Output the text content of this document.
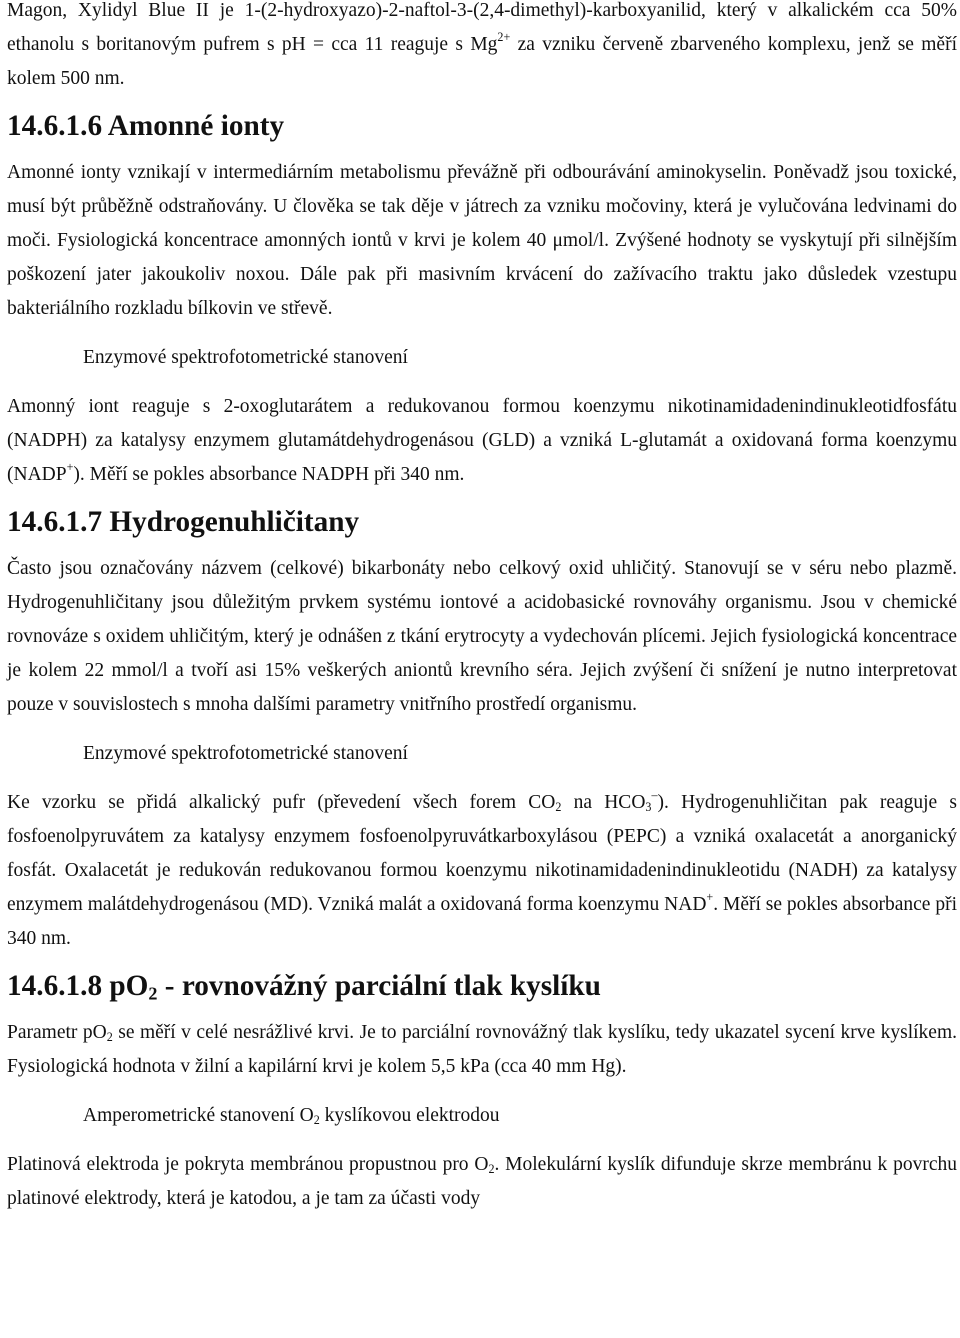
Magon, Xylidyl Blue II je 1-(2-hydroxyazo)-2-naftol-3-(2,4-dimethyl)-karboxyanilid, který v alkalickém cca 50% ethanolu s boritanovým pufrem s pH = cca 11 reaguje s $Mg^{2+}$ za vzniku červeně zbarveného komplexu, jenž se měří kolem 500 nm.

14.6.1.6 Amonné ionty

Amonné ionty vznikají v intermediárním metabolismu převážně při odbourávání aminokyselin. Poněvadž jsou toxické, musí být průběžně odstraňovány. U člověka se tak děje v játrech za vzniku močoviny, která je vylučována ledvinami do moči. Fysiologická koncentrace amonných iontů v krvi je kolem 40 μmol/l. Zvýšené hodnoty se vyskytují při silnějším poškození jater jakoukoliv noxou. Dále pak při masivním krvácení do zažívacího traktu jako důsledek vzestupu bakteriálního rozkladu bílkovin ve střevě.

Enzymové spektrofotometrické stanovení

Amonný iont reaguje s 2-oxoglutarátem a redukovanou formou koenzymu nikotinamidadenindinukleotidfosfátu (NADPH) za katalysy enzymem glutamátdehydrogenásou (GLD) a vzniká L-glutamát a oxidovaná forma koenzymu (NADP+). Měří se pokles absorbance NADPH při 340 nm.

14.6.1.7 Hydrogenuhličitany

Často jsou označovány názvem (celkové) bikarbonáty nebo celkový oxid uhličitý. Stanovují se v séru nebo plazmě. Hydrogenuhličitany jsou důležitým prvkem systému iontové a acidobasické rovnováhy organismu. Jsou v chemické rovnováze s oxidem uhličitým, který je odnášen z tkání erytrocyty a vydechován plícemi. Jejich fysiologická koncentrace je kolem 22 mmol/l a tvoří asi 15% veškerých aniontů krevního séra. Jejich zvýšení či snížení je nutno interpretovat pouze v souvislostech s mnoha dalšími parametry vnitřního prostředí organismu.

Enzymové spektrofotometrické stanovení

Ke vzorku se přidá alkalický pufr (převedení všech forem $CO_2$ na $HCO_3^-$). Hydrogenuhličitan pak reaguje s fosfoenolpyruvátem za katalysy enzymem fosfoenolpyruvátkarboxylásou (PEPC) a vzniká oxalacetát a anorganický fosfát. Oxalacetát je redukován redukovanou formou koenzymu nikotinamidadenindinukleotidu (NADH) za katalysy enzymem malátdehydrogenásou (MD). Vzniká malát a oxidovaná forma koenzymu NAD+. Měří se pokles absorbance při 340 nm.

14.6.1.8 $pO_2$ - rovnovážný parciální tlak kyslíku

Parametr $pO_2$ se měří v celé nesrážlivé krvi. Je to parciální rovnovážný tlak kyslíku, tedy ukazatel sycení krve kyslíkem. Fysiologická hodnota v žilní a kapilární krvi je kolem 5,5 kPa (cca 40 mm Hg).

Amperometrické stanovení $O_2$ kyslíkovou elektrodou

Platinová elektroda je pokryta membránou propustnou pro $O_2$. Molekulární kyslík difunduje skrze membránu k povrchu platinové elektrody, která je katodou, a je tam za účasti vody
